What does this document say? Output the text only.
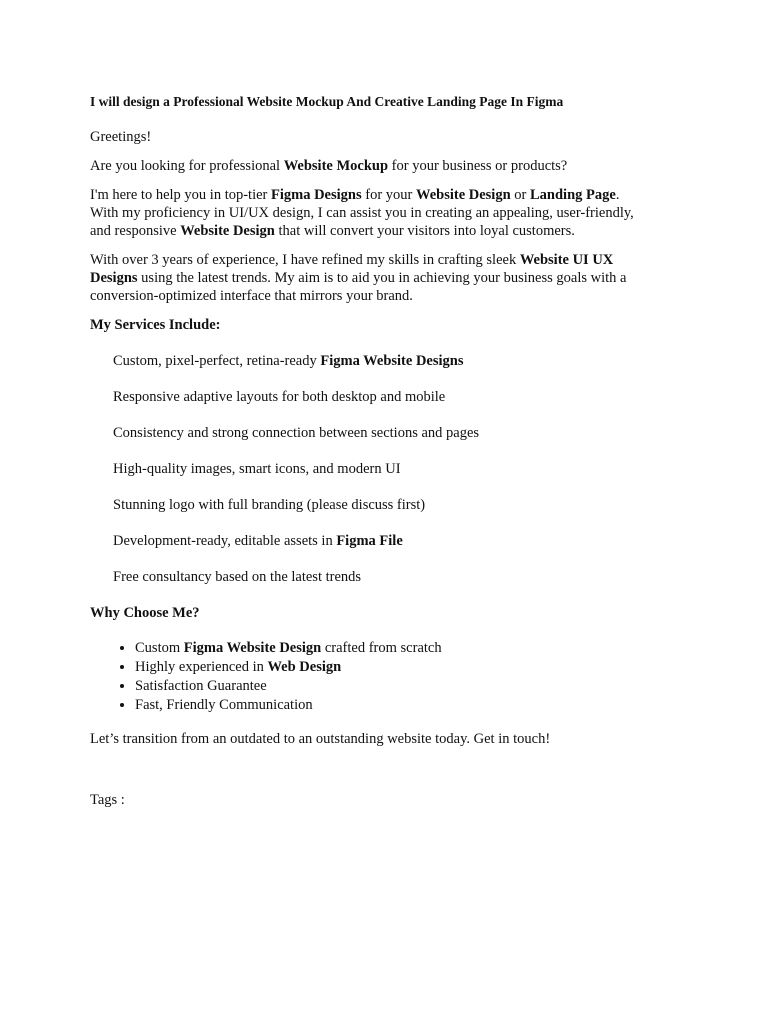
I will design a Professional Website Mockup And Creative Landing Page In Figma

Greetings!

Are you looking for professional Website Mockup for your business or products?

I'm here to help you in top-tier Figma Designs for your Website Design or Landing Page. With my proficiency in UI/UX design, I can assist you in creating an appealing, user-friendly, and responsive Website Design that will convert your visitors into loyal customers.

With over 3 years of experience, I have refined my skills in crafting sleek Website UI UX Designs using the latest trends. My aim is to aid you in achieving your business goals with a conversion-optimized interface that mirrors your brand.

My Services Include:

Custom, pixel-perfect, retina-ready Figma Website Designs
Responsive adaptive layouts for both desktop and mobile
Consistency and strong connection between sections and pages
High-quality images, smart icons, and modern UI
Stunning logo with full branding (please discuss first)
Development-ready, editable assets in Figma File
Free consultancy based on the latest trends

Why Choose Me?

• Custom Figma Website Design crafted from scratch
• Highly experienced in Web Design
• Satisfaction Guarantee
• Fast, Friendly Communication

Let’s transition from an outdated to an outstanding website today. Get in touch!

Tags :
